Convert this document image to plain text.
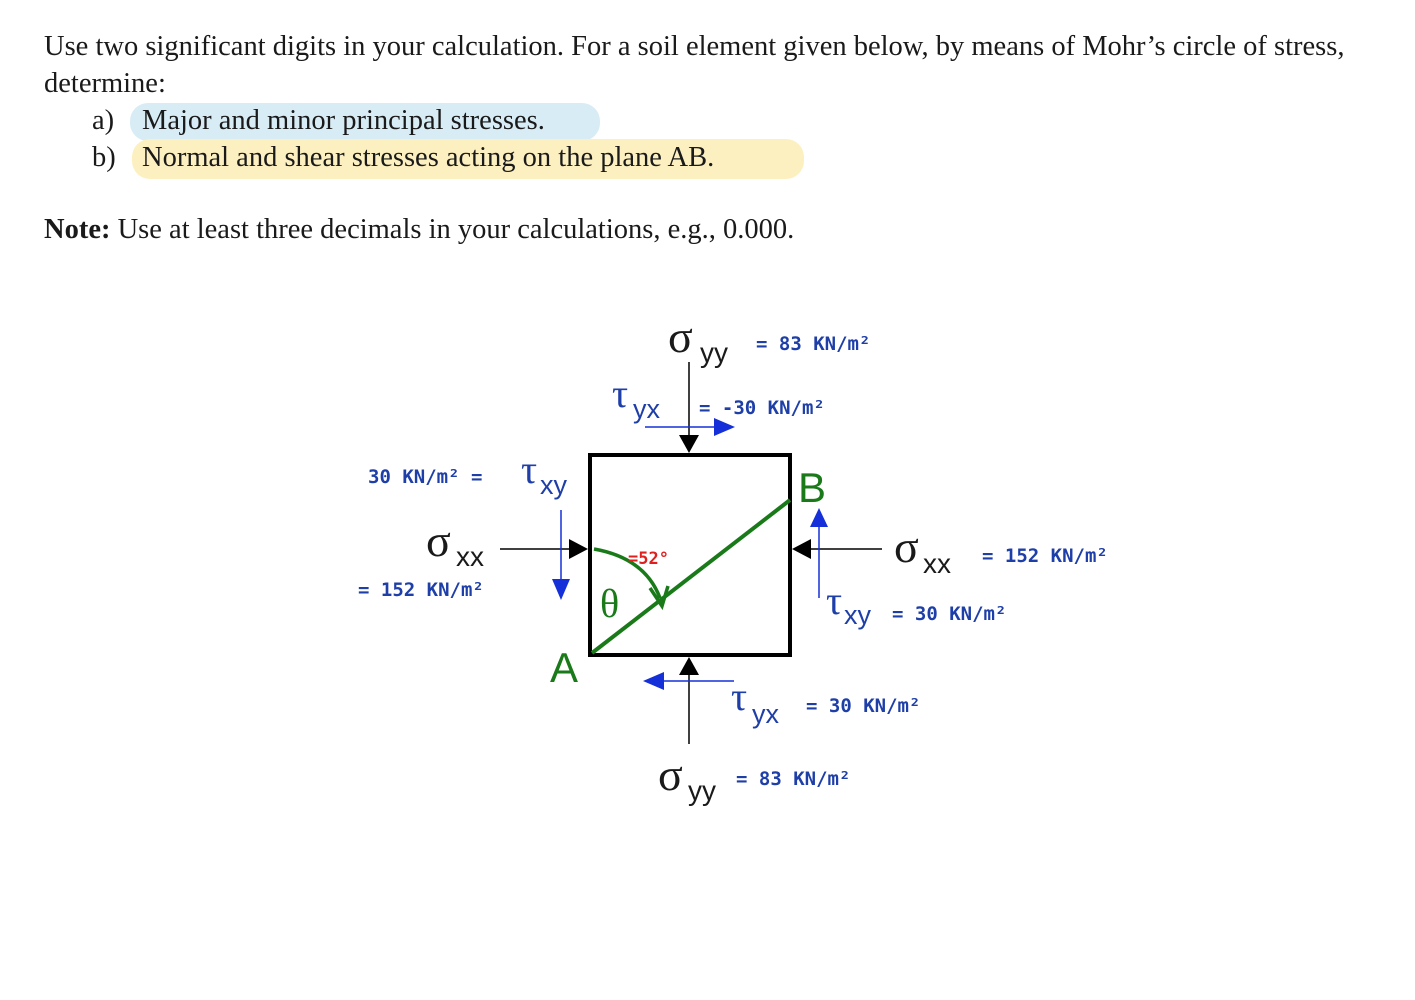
Use two significant digits in your calculation. For a soil element given below, by means of Mohr’s circle of stress, determine:

a) Major and minor principal stresses.
b) Normal and shear stresses acting on the plane AB.
Note: Use at least three decimals in your calculations, e.g., 0.000.
σ yy = 83 KN/m²
τ yx = -30 KN/m²
30 KN/m² = τ xy
σ xx
= 152 KN/m²
σ xx = 152 KN/m²
τ xy = 30 KN/m²
τ yx = 30 KN/m²
σ yy = 83 KN/m²
=52°
θ
A
B
